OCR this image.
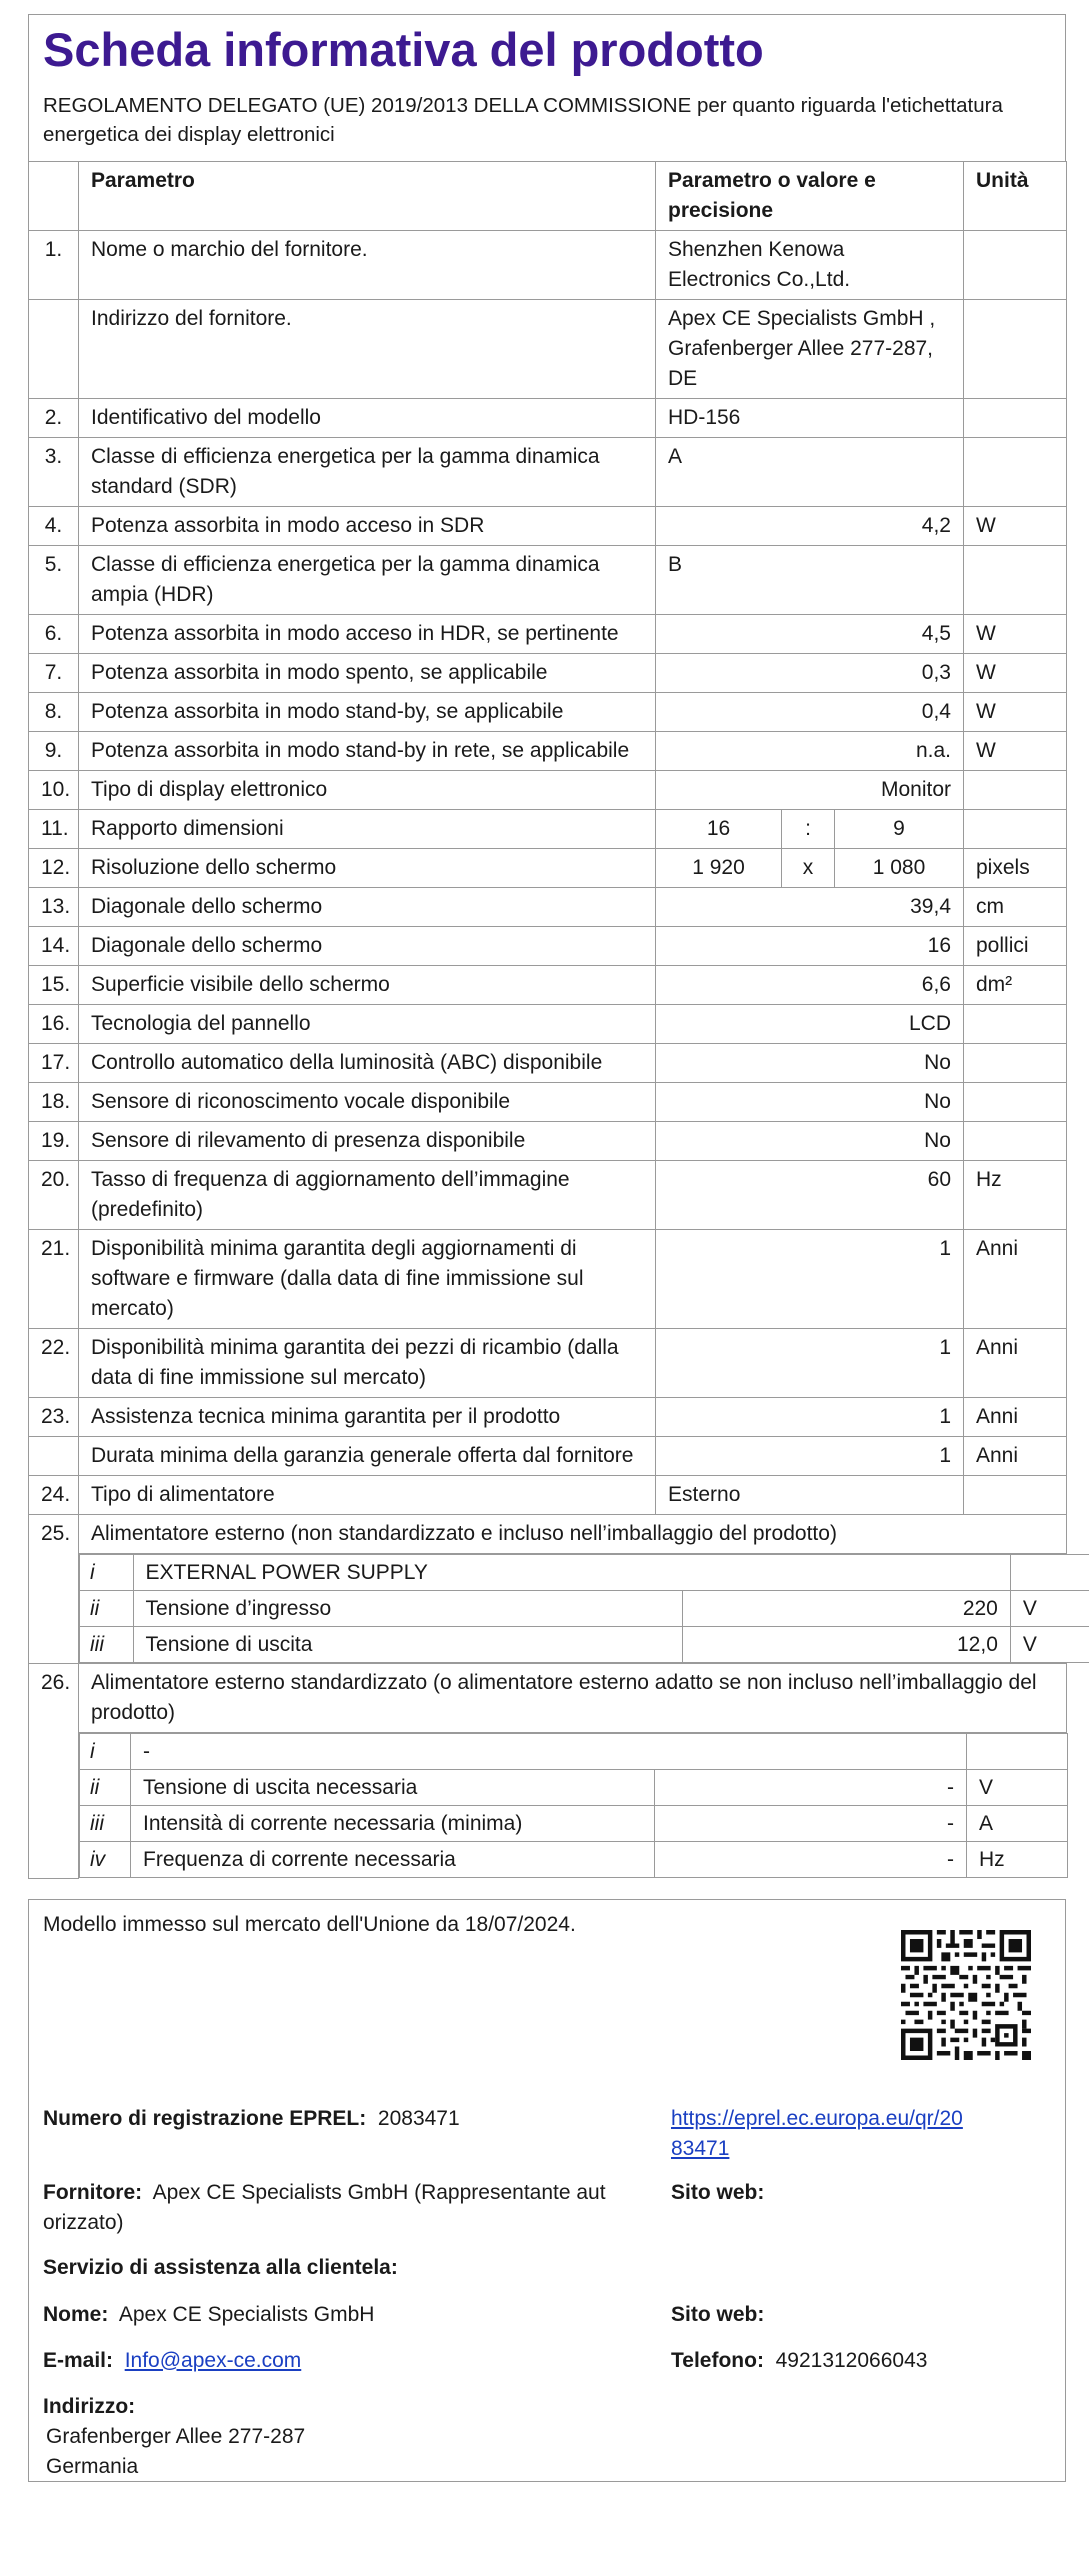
Scheda informativa del prodotto

REGOLAMENTO DELEGATO (UE) 2019/2013 DELLA COMMISSIONE per quanto riguarda l'etichettatura energetica dei display elettronici

	Parametro	Parametro o valore e precisione	Unità
1.	Nome o marchio del fornitore.	Shenzhen Kenowa Electronics Co.,Ltd.	
	Indirizzo del fornitore.	Apex CE Specialists GmbH , Grafenberger Allee 277-287, DE	
2.	Identificativo del modello	HD-156	
3.	Classe di efficienza energetica per la gamma dinamica standard (SDR)	A	
4.	Potenza assorbita in modo acceso in SDR	4,2	W
5.	Classe di efficienza energetica per la gamma dinamica ampia (HDR)	B	
6.	Potenza assorbita in modo acceso in HDR, se pertinente	4,5	W
7.	Potenza assorbita in modo spento, se applicabile	0,3	W
8.	Potenza assorbita in modo stand-by, se applicabile	0,4	W
9.	Potenza assorbita in modo stand-by in rete, se applicabile	n.a.	W
10.	Tipo di display elettronico	Monitor	
11.	Rapporto dimensioni	16	:	9	
12.	Risoluzione dello schermo	1 920	x	1 080	pixels
13.	Diagonale dello schermo	39,4	cm
14.	Diagonale dello schermo	16	pollici
15.	Superficie visibile dello schermo	6,6	dm²
16.	Tecnologia del pannello	LCD	
17.	Controllo automatico della luminosità (ABC) disponibile	No	
18.	Sensore di riconoscimento vocale disponibile	No	
19.	Sensore di rilevamento di presenza disponibile	No	
20.	Tasso di frequenza di aggiornamento dell’immagine (predefinito)	60	Hz
21.	Disponibilità minima garantita degli aggiornamenti di software e firmware (dalla data di fine immissione sul mercato)	1	Anni
22.	Disponibilità minima garantita dei pezzi di ricambio (dalla data di fine immissione sul mercato)	1	Anni
23.	Assistenza tecnica minima garantita per il prodotto	1	Anni
	Durata minima della garanzia generale offerta dal fornitore	1	Anni
24.	Tipo di alimentatore	Esterno	
25.	Alimentatore esterno (non standardizzato e incluso nell’imballaggio del prodotto)

i	EXTERNAL POWER SUPPLY	
ii	Tensione d’ingresso	220	V
iii	Tensione di uscita	12,0	V

26.	Alimentatore esterno standardizzato (o alimentatore esterno adatto se non incluso nell’imballaggio del prodotto)

i	-	
ii	Tensione di uscita necessaria	-	V
iii	Intensità di corrente necessaria (minima)	-	A
iv	Frequenza di corrente necessaria	-	Hz
Modello immesso sul mercato dell'Unione da 18/07/2024.
Numero di registrazione EPREL: 2083471	https://eprel.ec.europa.eu/qr/20
83471
Fornitore: Apex CE Specialists GmbH (Rappresentante aut
orizzato)
Sito web:
Servizio di assistenza alla clientela:
Nome: Apex CE Specialists GmbH	Sito web:
E-mail: Info@apex-ce.com	Telefono: 4921312066043
Indirizzo:
Grafenberger Allee 277-287
Germania
